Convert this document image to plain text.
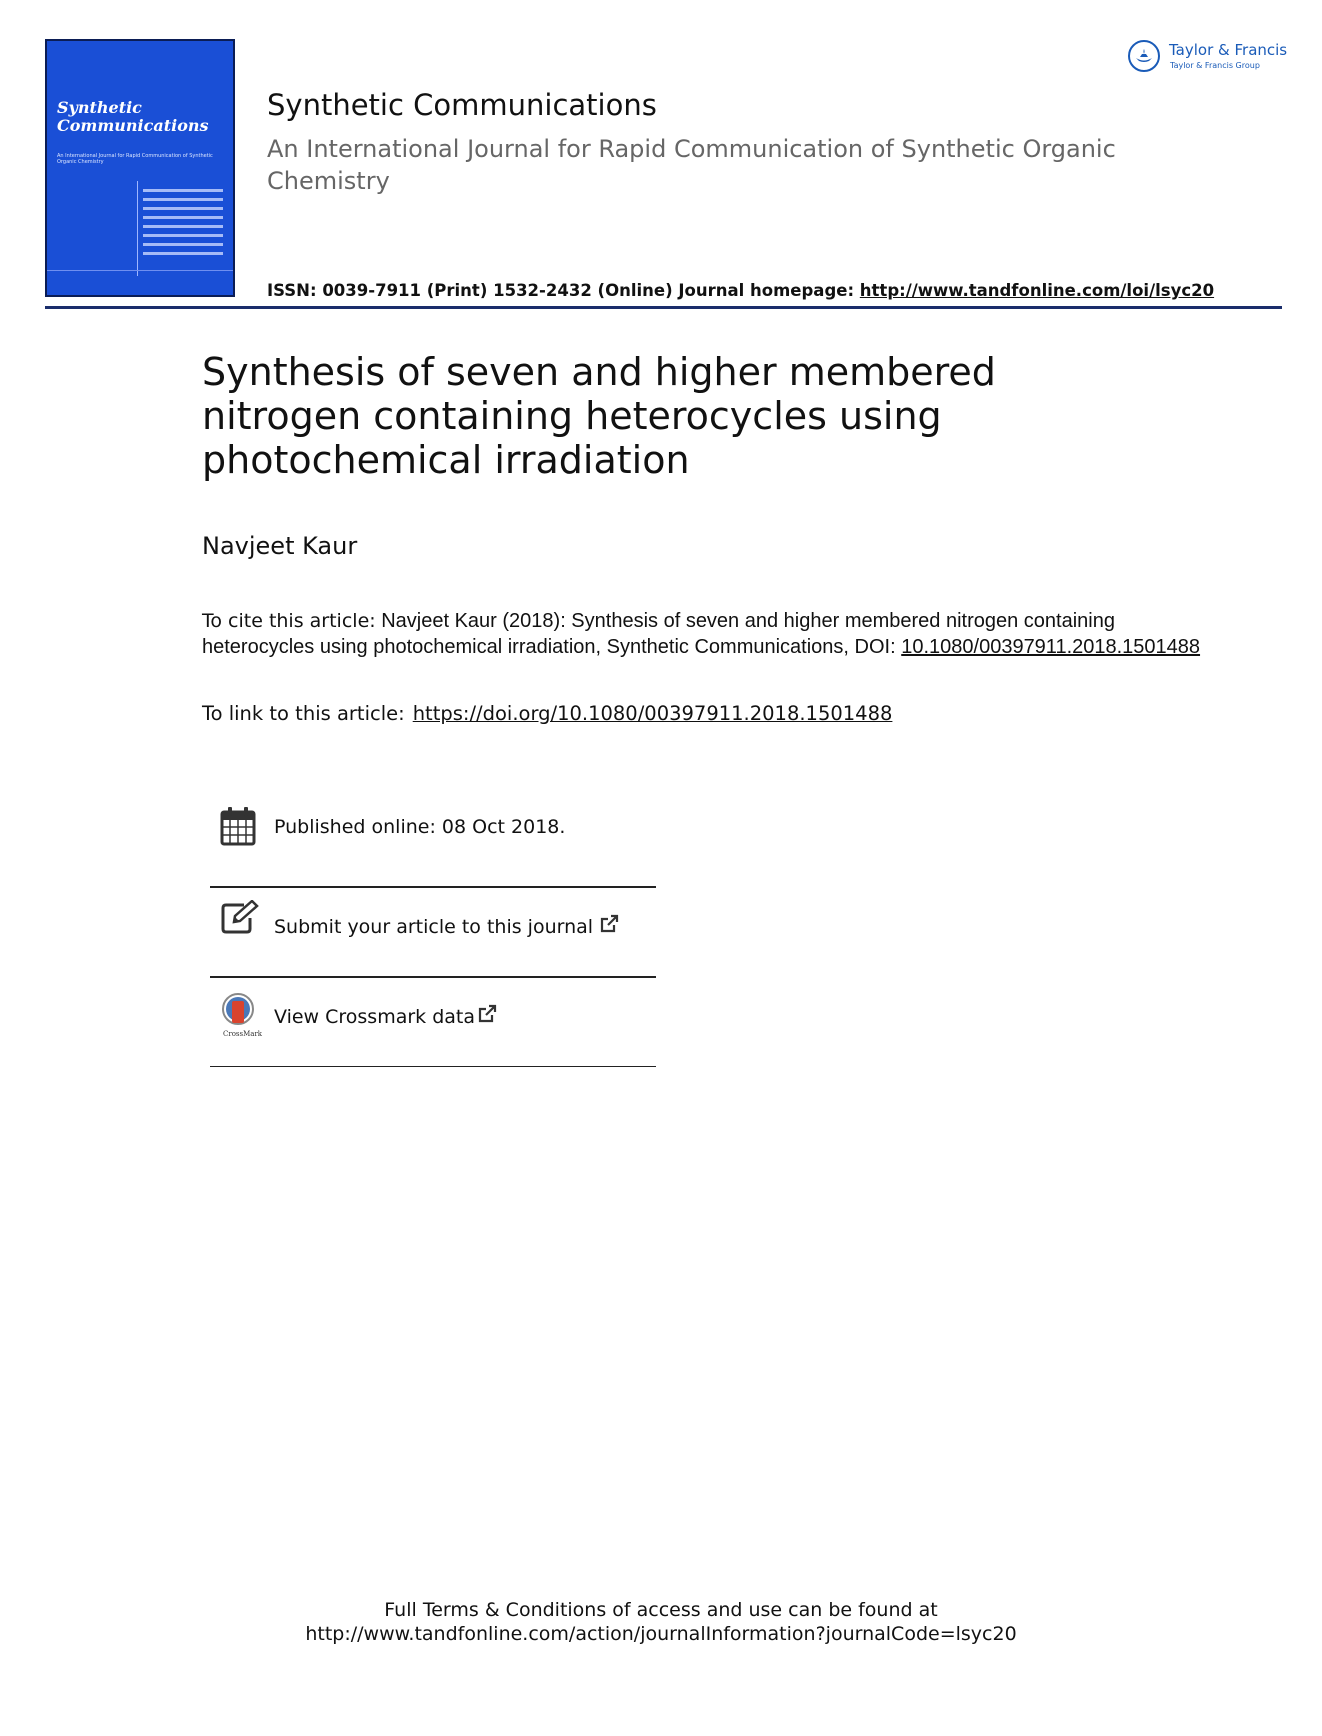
Synthetic
Communications
An International Journal for Rapid Communication of Synthetic Organic Chemistry
Synthetic Communications
An International Journal for Rapid Communication of Synthetic Organic Chemistry
ISSN: 0039-7911 (Print) 1532-2432 (Online) Journal homepage: http://www.tandfonline.com/loi/lsyc20
Taylor & Francis
Taylor & Francis Group
Synthesis of seven and higher membered nitrogen containing heterocycles using photochemical irradiation
Navjeet Kaur
To cite this article: Navjeet Kaur (2018): Synthesis of seven and higher membered nitrogen containing heterocycles using photochemical irradiation, Synthetic Communications, DOI: 10.1080/00397911.2018.1501488
To link to this article: https://doi.org/10.1080/00397911.2018.1501488
Published online: 08 Oct 2018.
Submit your article to this journal
CrossMark
View Crossmark data
Full Terms & Conditions of access and use can be found at
http://www.tandfonline.com/action/journalInformation?journalCode=lsyc20
